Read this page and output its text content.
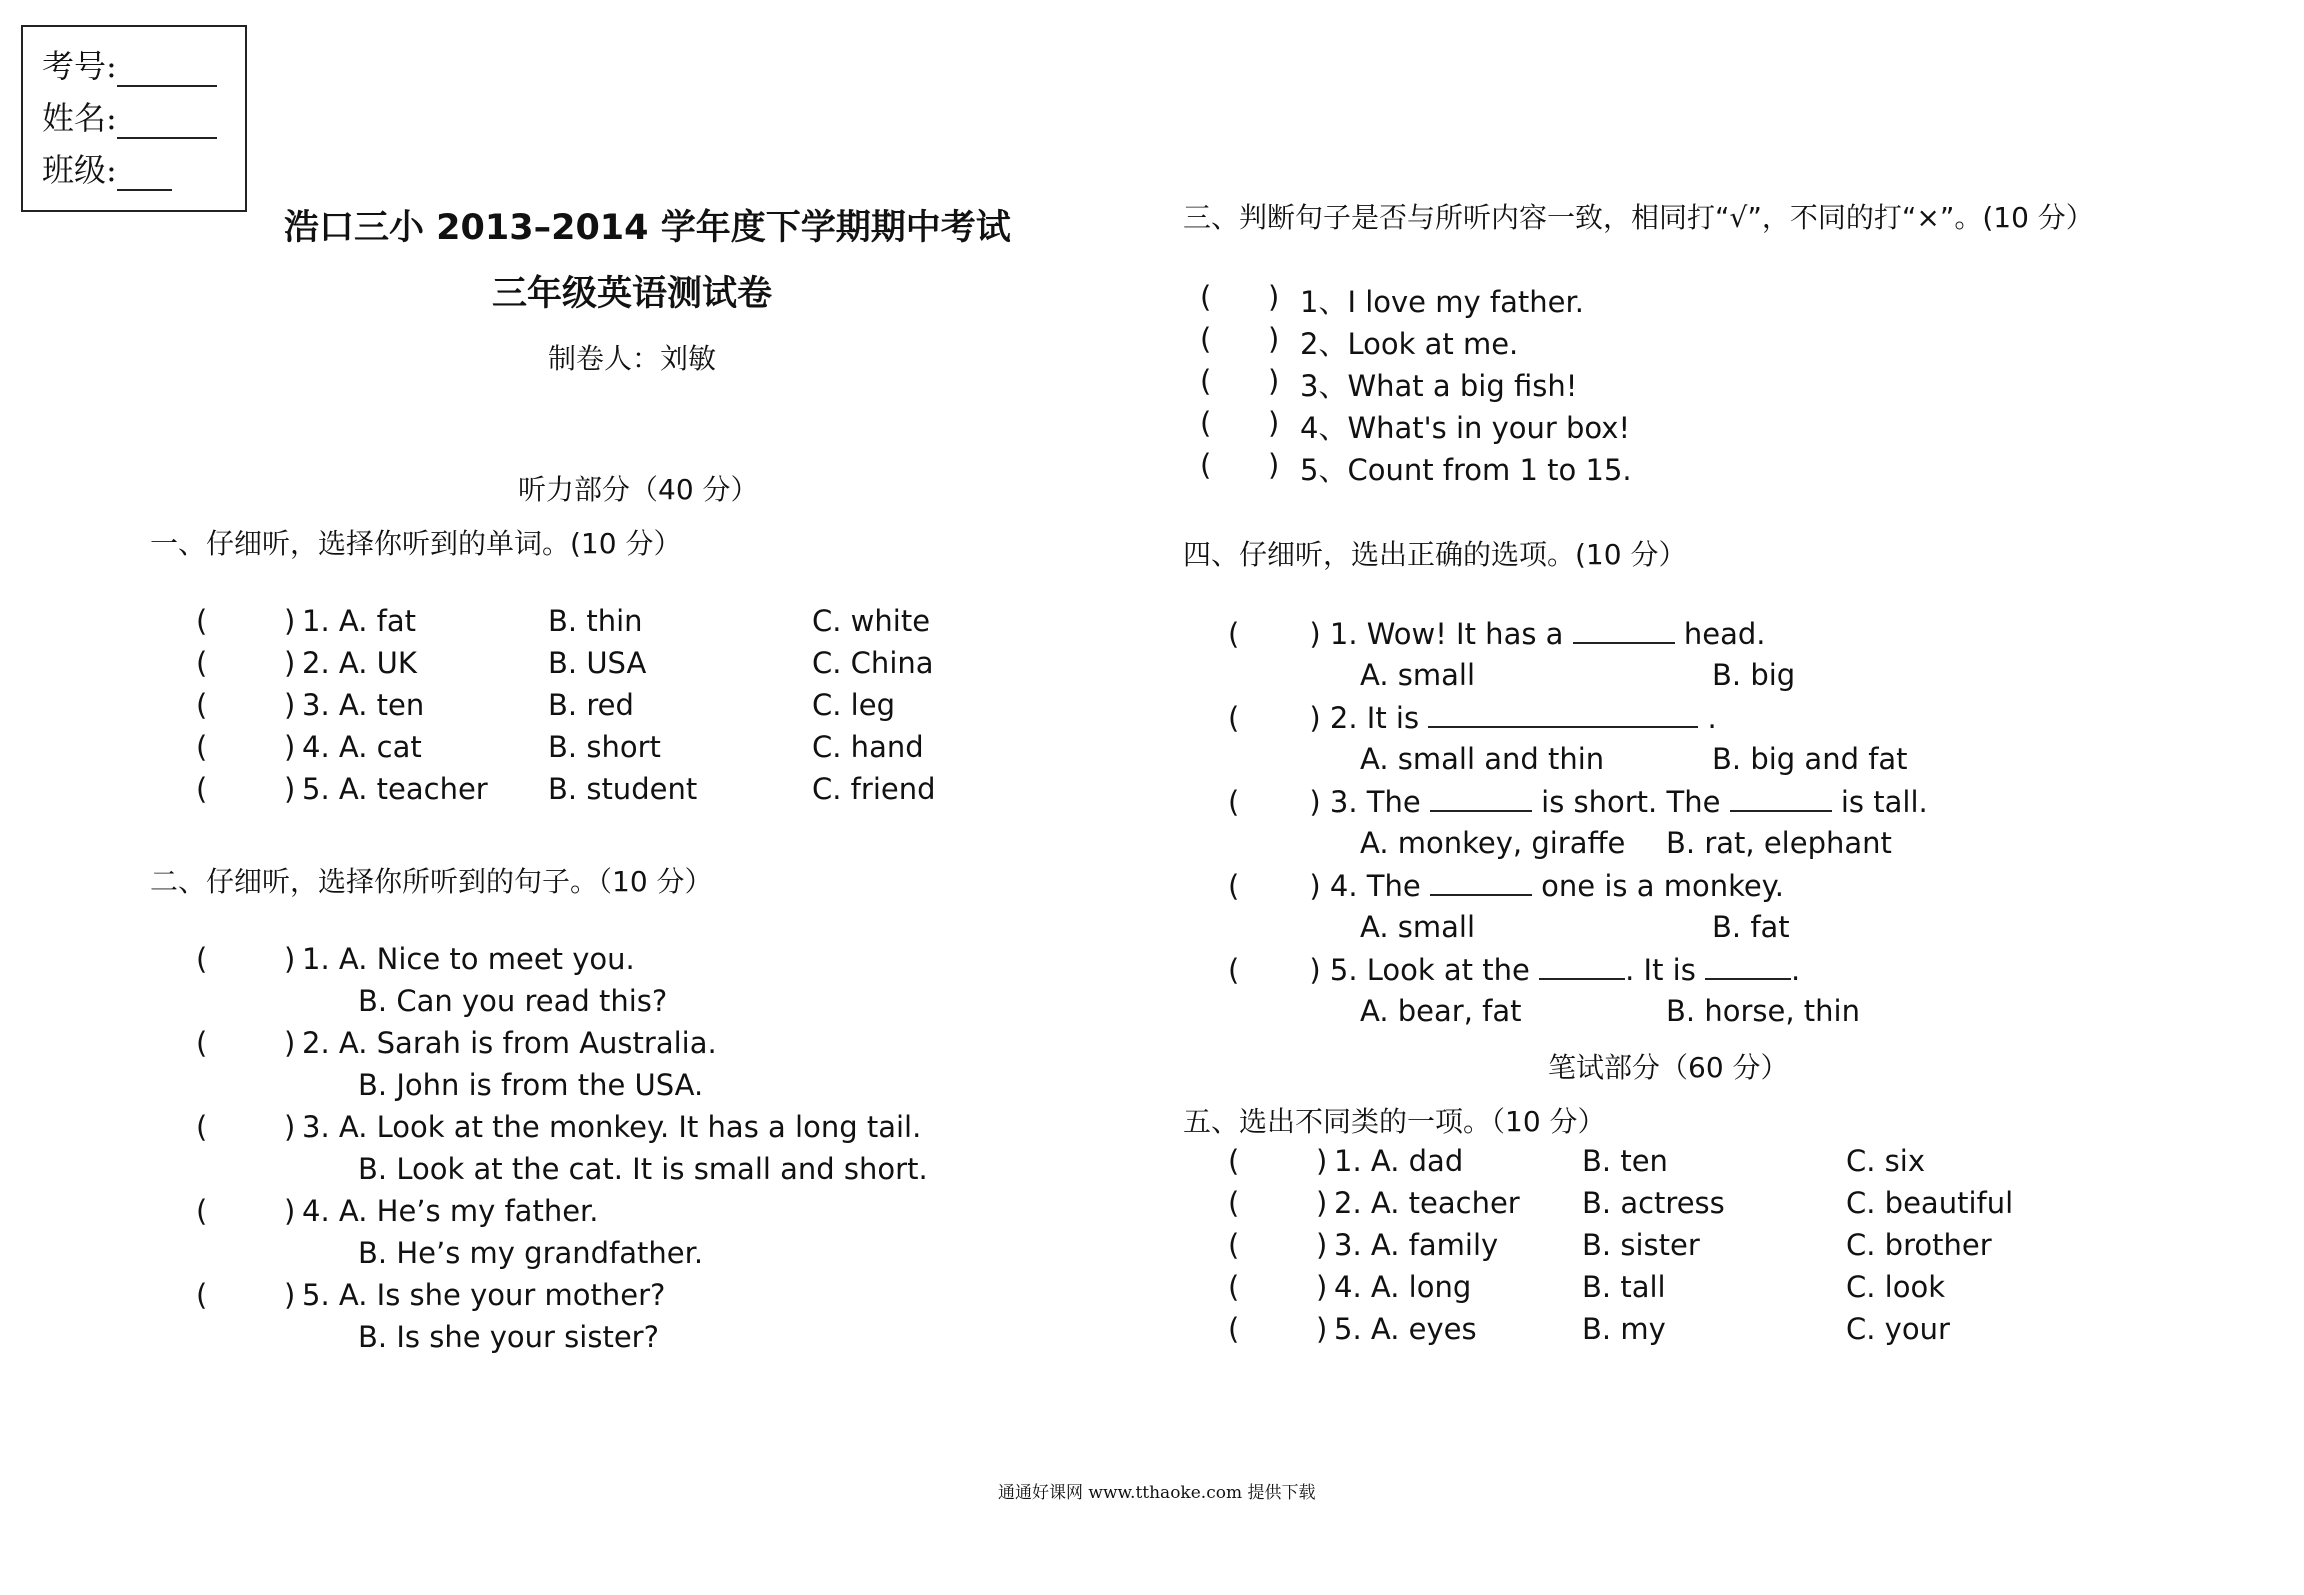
考号:
姓名:
班级:
浩口三小 2013–2014 学年度下学期期中考试
三年级英语测试卷
制卷人：刘敏
听力部分（40 分）
一、仔细听，选择你听到的单词。(10 分）
(	) 1. A. fat	B. thin	C. white
(	) 2. A. UK	B. USA	C. China
(	) 3. A. ten	B. red	C. leg
(	) 4. A. cat	B. short	C. hand
(	) 5. A. teacher B. student	C. friend
二、仔细听，选择你所听到的句子。（10 分）
(	) 1. A. Nice to meet you.
B. Can you read this?
(	) 2. A. Sarah is from Australia.
B. John is from the USA.
(	) 3. A. Look at the monkey. It has a long tail.
B. Look at the cat. It is small and short.
(	) 4. A. He’s my father.
B. He’s my grandfather.
(	) 5. A. Is she your mother?
B. Is she your sister?
三、判断句子是否与所听内容一致，相同打“√”，不同的打“×”。(10 分）
( ) 1、I love my father.
( ) 2、Look at me.
( ) 3、What a big fish!
( ) 4、What's in your box!
( ) 5、Count from 1 to 15.
四、仔细听，选出正确的选项。(10 分）
( ) 1. Wow! It has a	head.
A. small	B. big
( ) 2. It is	.
A. small and thin	B. big and fat
( ) 3. The	is short. The	is tall.
A. monkey, giraffe B. rat, elephant
( ) 4. The	one is a monkey.
A. small	B. fat
( ) 5. Look at the	. It is	.
A. bear, fat	B. horse, thin
笔试部分（60 分）
五、选出不同类的一项。（10 分）
(	) 1. A. dad	B. ten	C. six
(	) 2. A. teacher B. actress	C. beautiful
(	) 3. A. family	B. sister	C. brother
(	) 4. A. long	B. tall	C. look
(	) 5. A. eyes	B. my	C. your
通通好课网 www.tthaoke.com 提供下载
